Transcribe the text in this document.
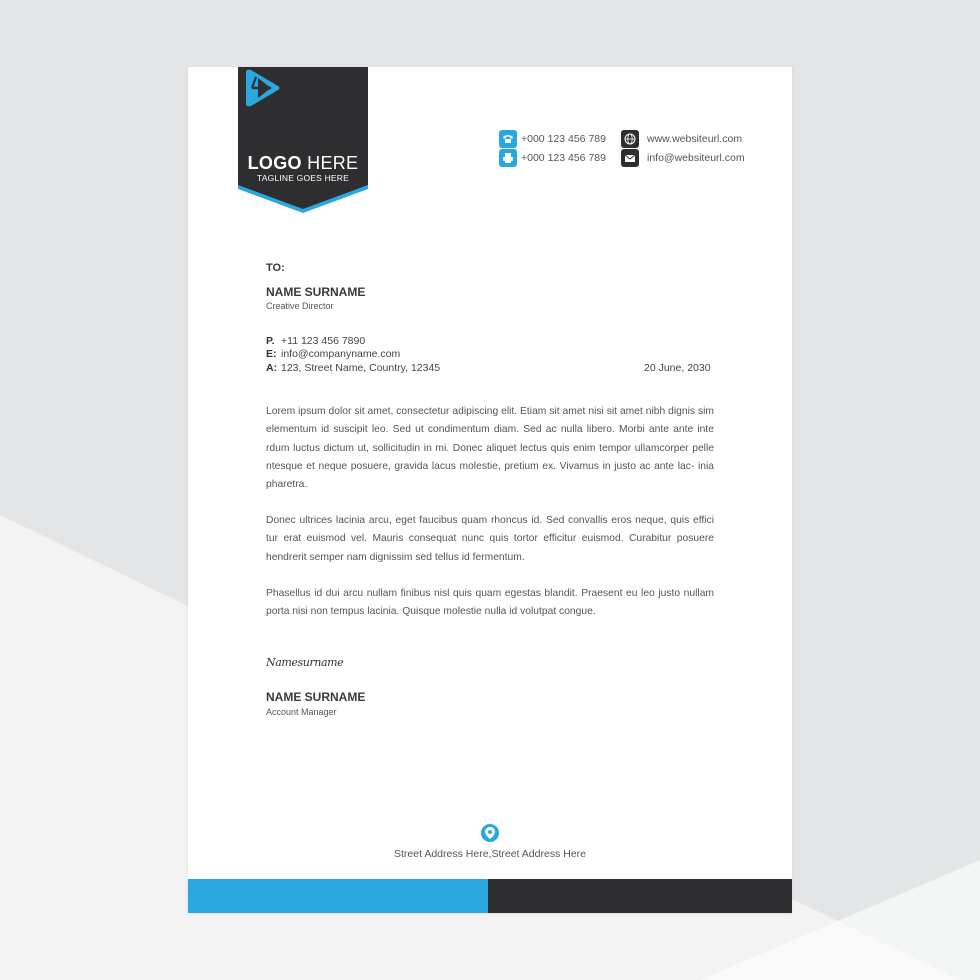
LOGO HERE
TAGLINE GOES HERE
+000 123 456 789
+000 123 456 789
www.websiteurl.com
info@websiteurl.com
TO:
NAME SURNAME
Creative Director
P. +11 123 456 7890
E: info@companyname.com
A: 123, Street Name, Country, 12345	20 June, 2030

Lorem ipsum dolor sit amet, consectetur adipiscing elit. Etiam sit amet nisi sit amet nibh dignis sim elementum id suscipit leo. Sed ut condimentum diam. Sed ac nulla libero. Morbi ante ante inte rdum luctus dictum ut, sollicitudin in mi. Donec aliquet lectus quis enim tempor ullamcorper pelle ntesque et neque posuere, gravida lacus molestie, pretium ex. Vivamus in justo ac ante lac- inia pharetra.

Donec ultrices lacinia arcu, eget faucibus quam rhoncus id. Sed convallis eros neque, quis effici tur erat euismod vel. Mauris consequat nunc quis tortor efficitur euismod. Curabitur posuere hendrerit semper nam dignissim sed tellus id fermentum.

Phasellus id dui arcu nullam finibus nisl quis quam egestas blandit. Praesent eu leo justo nullam porta nisi non tempus lacinia. Quisque molestie nulla id volutpat congue.

Namesurname
NAME SURNAME
Account Manager
Street Address Here,Street Address Here
